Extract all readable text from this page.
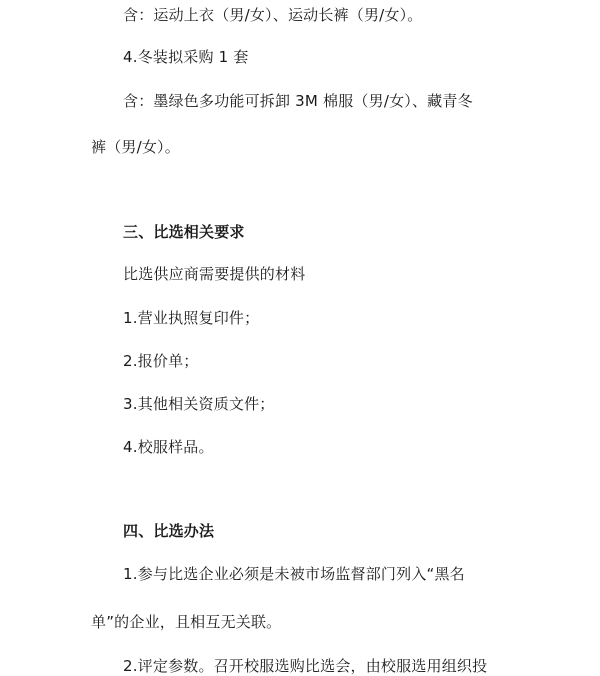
含：运动上衣（男/女）、运动长裤（男/女）。
4.冬装拟采购 1 套
含：墨绿色多功能可拆卸 3M 棉服（男/女）、藏青冬
裤（男/女）。
三、比选相关要求
比选供应商需要提供的材料
1.营业执照复印件；
2.报价单；
3.其他相关资质文件；
4.校服样品。
四、比选办法
1.参与比选企业必须是未被市场监督部门列入“黑名
单”的企业，且相互无关联。
2.评定参数。召开校服选购比选会，由校服选用组织投
